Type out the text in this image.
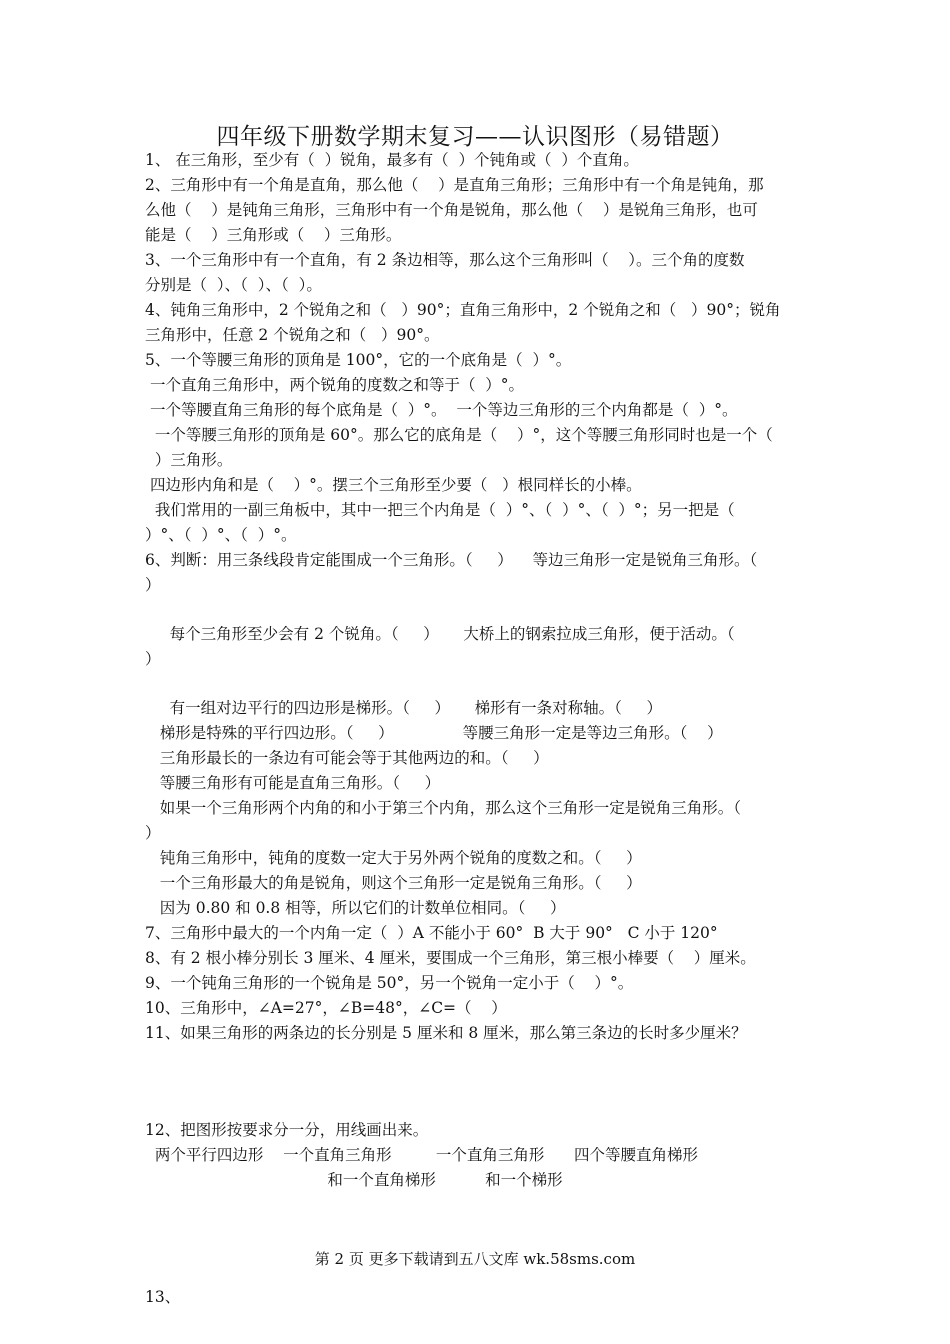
四年级下册数学期末复习——认识图形（易错题）

1、 在三角形，至少有（  ）锐角，最多有（  ）个钝角或（  ）个直角。

2、三角形中有一个角是直角，那么他（    ）是直角三角形；三角形中有一个角是钝角，那

么他（    ）是钝角三角形，三角形中有一个角是锐角，那么他（    ）是锐角三角形，也可

能是（    ）三角形或（    ）三角形。

3、一个三角形中有一个直角，有 2 条边相等，那么这个三角形叫（    ）。三个角的度数

分别是（  ）、（  ）、（  ）。

4、钝角三角形中，2 个锐角之和（   ）90°；直角三角形中，2 个锐角之和（   ）90°；锐角

三角形中，任意 2 个锐角之和（   ）90°。

5、一个等腰三角形的顶角是 100°，它的一个底角是（  ）°。

一个直角三角形中，两个锐角的度数之和等于（  ）°。

一个等腰直角三角形的每个底角是（  ）°。  一个等边三角形的三个内角都是（  ）°。

一个等腰三角形的顶角是 60°。那么它的底角是（    ）°，这个等腰三角形同时也是一个（

）三角形。

四边形内角和是（    ）°。摆三个三角形至少要（   ）根同样长的小棒。

我们常用的一副三角板中，其中一把三个内角是（  ）°、（  ）°、（  ）°；另一把是（

）°、（  ）°、（  ）°。

6、判断：用三条线段肯定能围成一个三角形。（     ）    等边三角形一定是锐角三角形。（

）

每个三角形至少会有 2 个锐角。（     ）     大桥上的钢索拉成三角形，便于活动。（

）

有一组对边平行的四边形是梯形。（     ）     梯形有一条对称轴。（     ）

梯形是特殊的平行四边形。（     ）              等腰三角形一定是等边三角形。（    ）

三角形最长的一条边有可能会等于其他两边的和。（     ）

等腰三角形有可能是直角三角形。（     ）

如果一个三角形两个内角的和小于第三个内角，那么这个三角形一定是锐角三角形。（

）

钝角三角形中，钝角的度数一定大于另外两个锐角的度数之和。（     ）

一个三角形最大的角是锐角，则这个三角形一定是锐角三角形。（     ）

因为 0.80 和 0.8 相等，所以它们的计数单位相同。（     ）

7、三角形中最大的一个内角一定（  ）A 不能小于 60°  B 大于 90°   C 小于 120°

8、有 2 根小棒分别长 3 厘米、4 厘米，要围成一个三角形，第三根小棒要（    ）厘米。

9、一个钝角三角形的一个锐角是 50°，另一个锐角一定小于（    ）°。

10、三角形中，∠A=27°，∠B=48°，∠C=（    ）

11、如果三角形的两条边的长分别是 5 厘米和 8 厘米，那么第三条边的长时多少厘米？

12、把图形按要求分一分，用线画出来。

两个平行四边形    一个直角三角形         一个直角三角形      四个等腰直角梯形

和一个直角梯形          和一个梯形

13、

第 2 页 更多下载请到五八文库 wk.58sms.com
